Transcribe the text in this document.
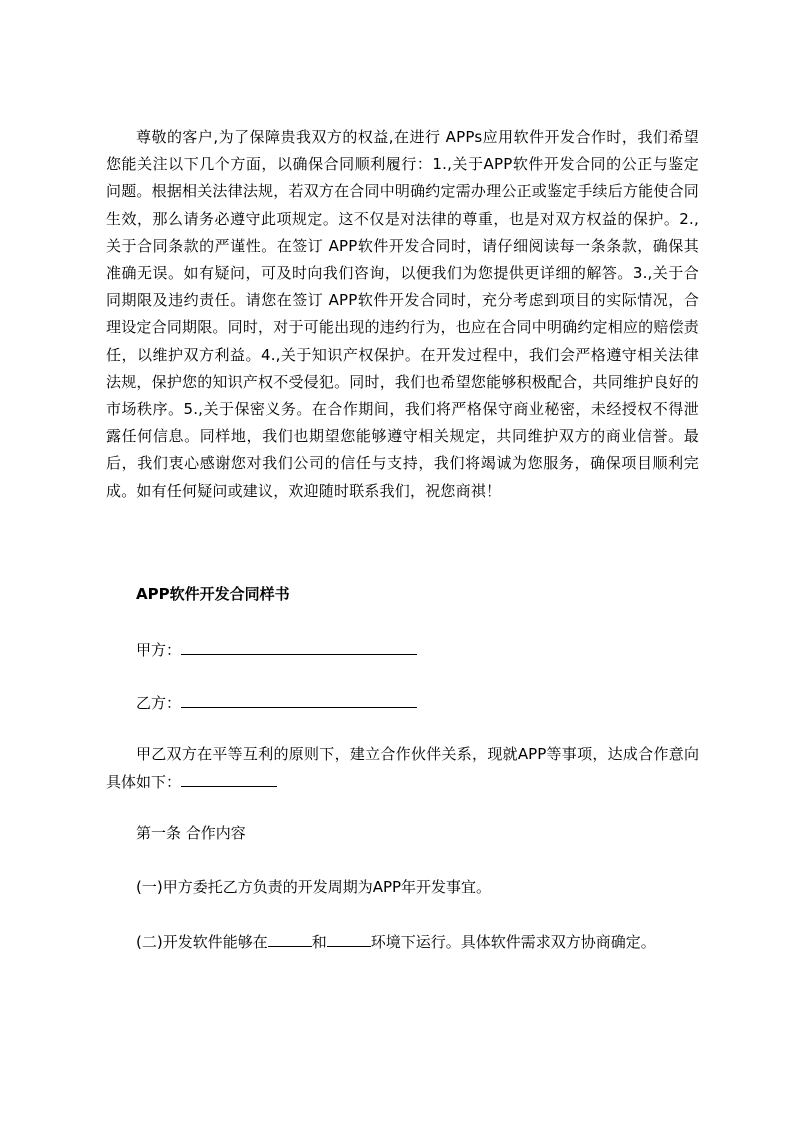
尊敬的客户,为了保障贵我双方的权益,在进行 APPs应用软件开发合作时，我们希望您能关注以下几个方面，以确保合同顺利履行：1.,关于APP软件开发合同的公正与鉴定问题。根据相关法律法规，若双方在合同中明确约定需办理公正或鉴定手续后方能使合同生效，那么请务必遵守此项规定。这不仅是对法律的尊重，也是对双方权益的保护。2.,关于合同条款的严谨性。在签订 APP软件开发合同时，请仔细阅读每一条条款，确保其准确无误。如有疑问，可及时向我们咨询，以便我们为您提供更详细的解答。3.,关于合同期限及违约责任。请您在签订 APP软件开发合同时，充分考虑到项目的实际情况，合理设定合同期限。同时，对于可能出现的违约行为，也应在合同中明确约定相应的赔偿责任，以维护双方利益。4.,关于知识产权保护。在开发过程中，我们会严格遵守相关法律法规，保护您的知识产权不受侵犯。同时，我们也希望您能够积极配合，共同维护良好的市场秩序。5.,关于保密义务。在合作期间，我们将严格保守商业秘密，未经授权不得泄露任何信息。同样地，我们也期望您能够遵守相关规定，共同维护双方的商业信誉。最后，我们衷心感谢您对我们公司的信任与支持，我们将竭诚为您服务，确保项目顺利完成。如有任何疑问或建议，欢迎随时联系我们，祝您商祺！

APP软件开发合同样书

甲方：

乙方：

甲乙双方在平等互利的原则下，建立合作伙伴关系，现就APP等事项，达成合作意向具体如下：

第一条 合作内容

(一)甲方委托乙方负责的开发周期为APP年开发事宜。

(二)开发软件能够在	和	环境下运行。具体软件需求双方协商确定。
